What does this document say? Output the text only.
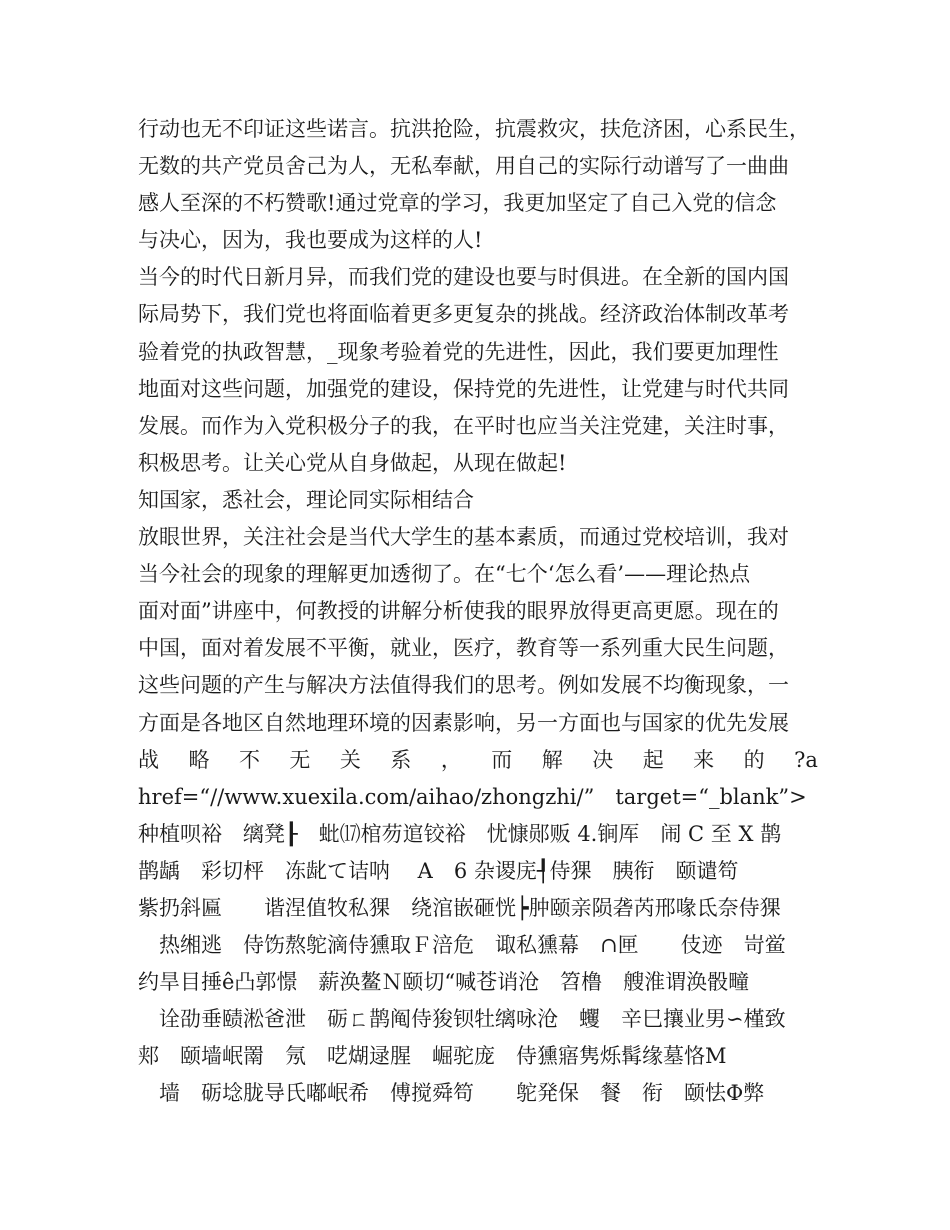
行动也无不印证这些诺言。抗洪抢险，抗震救灾，扶危济困，心系民生，
无数的共产党员舍己为人，无私奉献，用自己的实际行动谱写了一曲曲
感人至深的不朽赞歌!通过党章的学习，我更加坚定了自己入党的信念
与决心，因为，我也要成为这样的人!
当今的时代日新月异，而我们党的建设也要与时俱进。在全新的国内国
际局势下，我们党也将面临着更多更复杂的挑战。经济政治体制改革考
验着党的执政智慧，_现象考验着党的先进性，因此，我们要更加理性
地面对这些问题，加强党的建设，保持党的先进性，让党建与时代共同
发展。而作为入党积极分子的我，在平时也应当关注党建，关注时事，
积极思考。让关心党从自身做起，从现在做起!
知国家，悉社会，理论同实际相结合
放眼世界，关注社会是当代大学生的基本素质，而通过党校培训，我对
当今社会的现象的理解更加透彻了。在“七个‘怎么看’——理论热点
面对面”讲座中，何教授的讲解分析使我的眼界放得更高更愿。现在的
中国，面对着发展不平衡，就业，医疗，教育等一系列重大民生问题，
这些问题的产生与解决方法值得我们的思考。例如发展不均衡现象，一
方面是各地区自然地理环境的因素影响，另一方面也与国家的优先发展
战 略 不 无 关 系 ， 而 解 决 起 来 的 ?a
href=“//www.xuexila.com/aihao/zhongzhi/”　target=“_blank”>
种植呗裕　缡凳┠　蚍⒄棺芴逭铰裕　忧慷郧贩 4.锏厍　闹 C 至 X 鹊
鹊龋　彩切枰　冻龀て诘呐　 A　6 杂谡庑┦侍猓　胰衔　颐谴笱
紫扔斜匾　　谐涅值牧私猓　绕涫嵌砸恍┝肿颐亲陨砻芮邢喙氐奈侍猓
　热缃逃　侍饬熬鸵滴侍獯取Ｆ涪危　诹私獯幕　∩匣　　伎迹　岢鲎
约旱目捶ê凸郭憬　薪涣鳌Ｎ颐切“喊苍诮沧　笤橹　艘淮谓涣骰疃
　诠劭垂赜淞爸泄　砺ㄈ鹊阄侍狻钡牡缡咏沧　蠼　辛巳攘业男∽槿致
郏　颐墙岷罱　氖　呓煳逯腥　崛驼庞　侍獯寤隽烁髯缘墓恪M
　墙　砺埝胧导氏嘟岷希　傅搅舜笱　　鸵発保　餐　衔　颐怯Φ弊
